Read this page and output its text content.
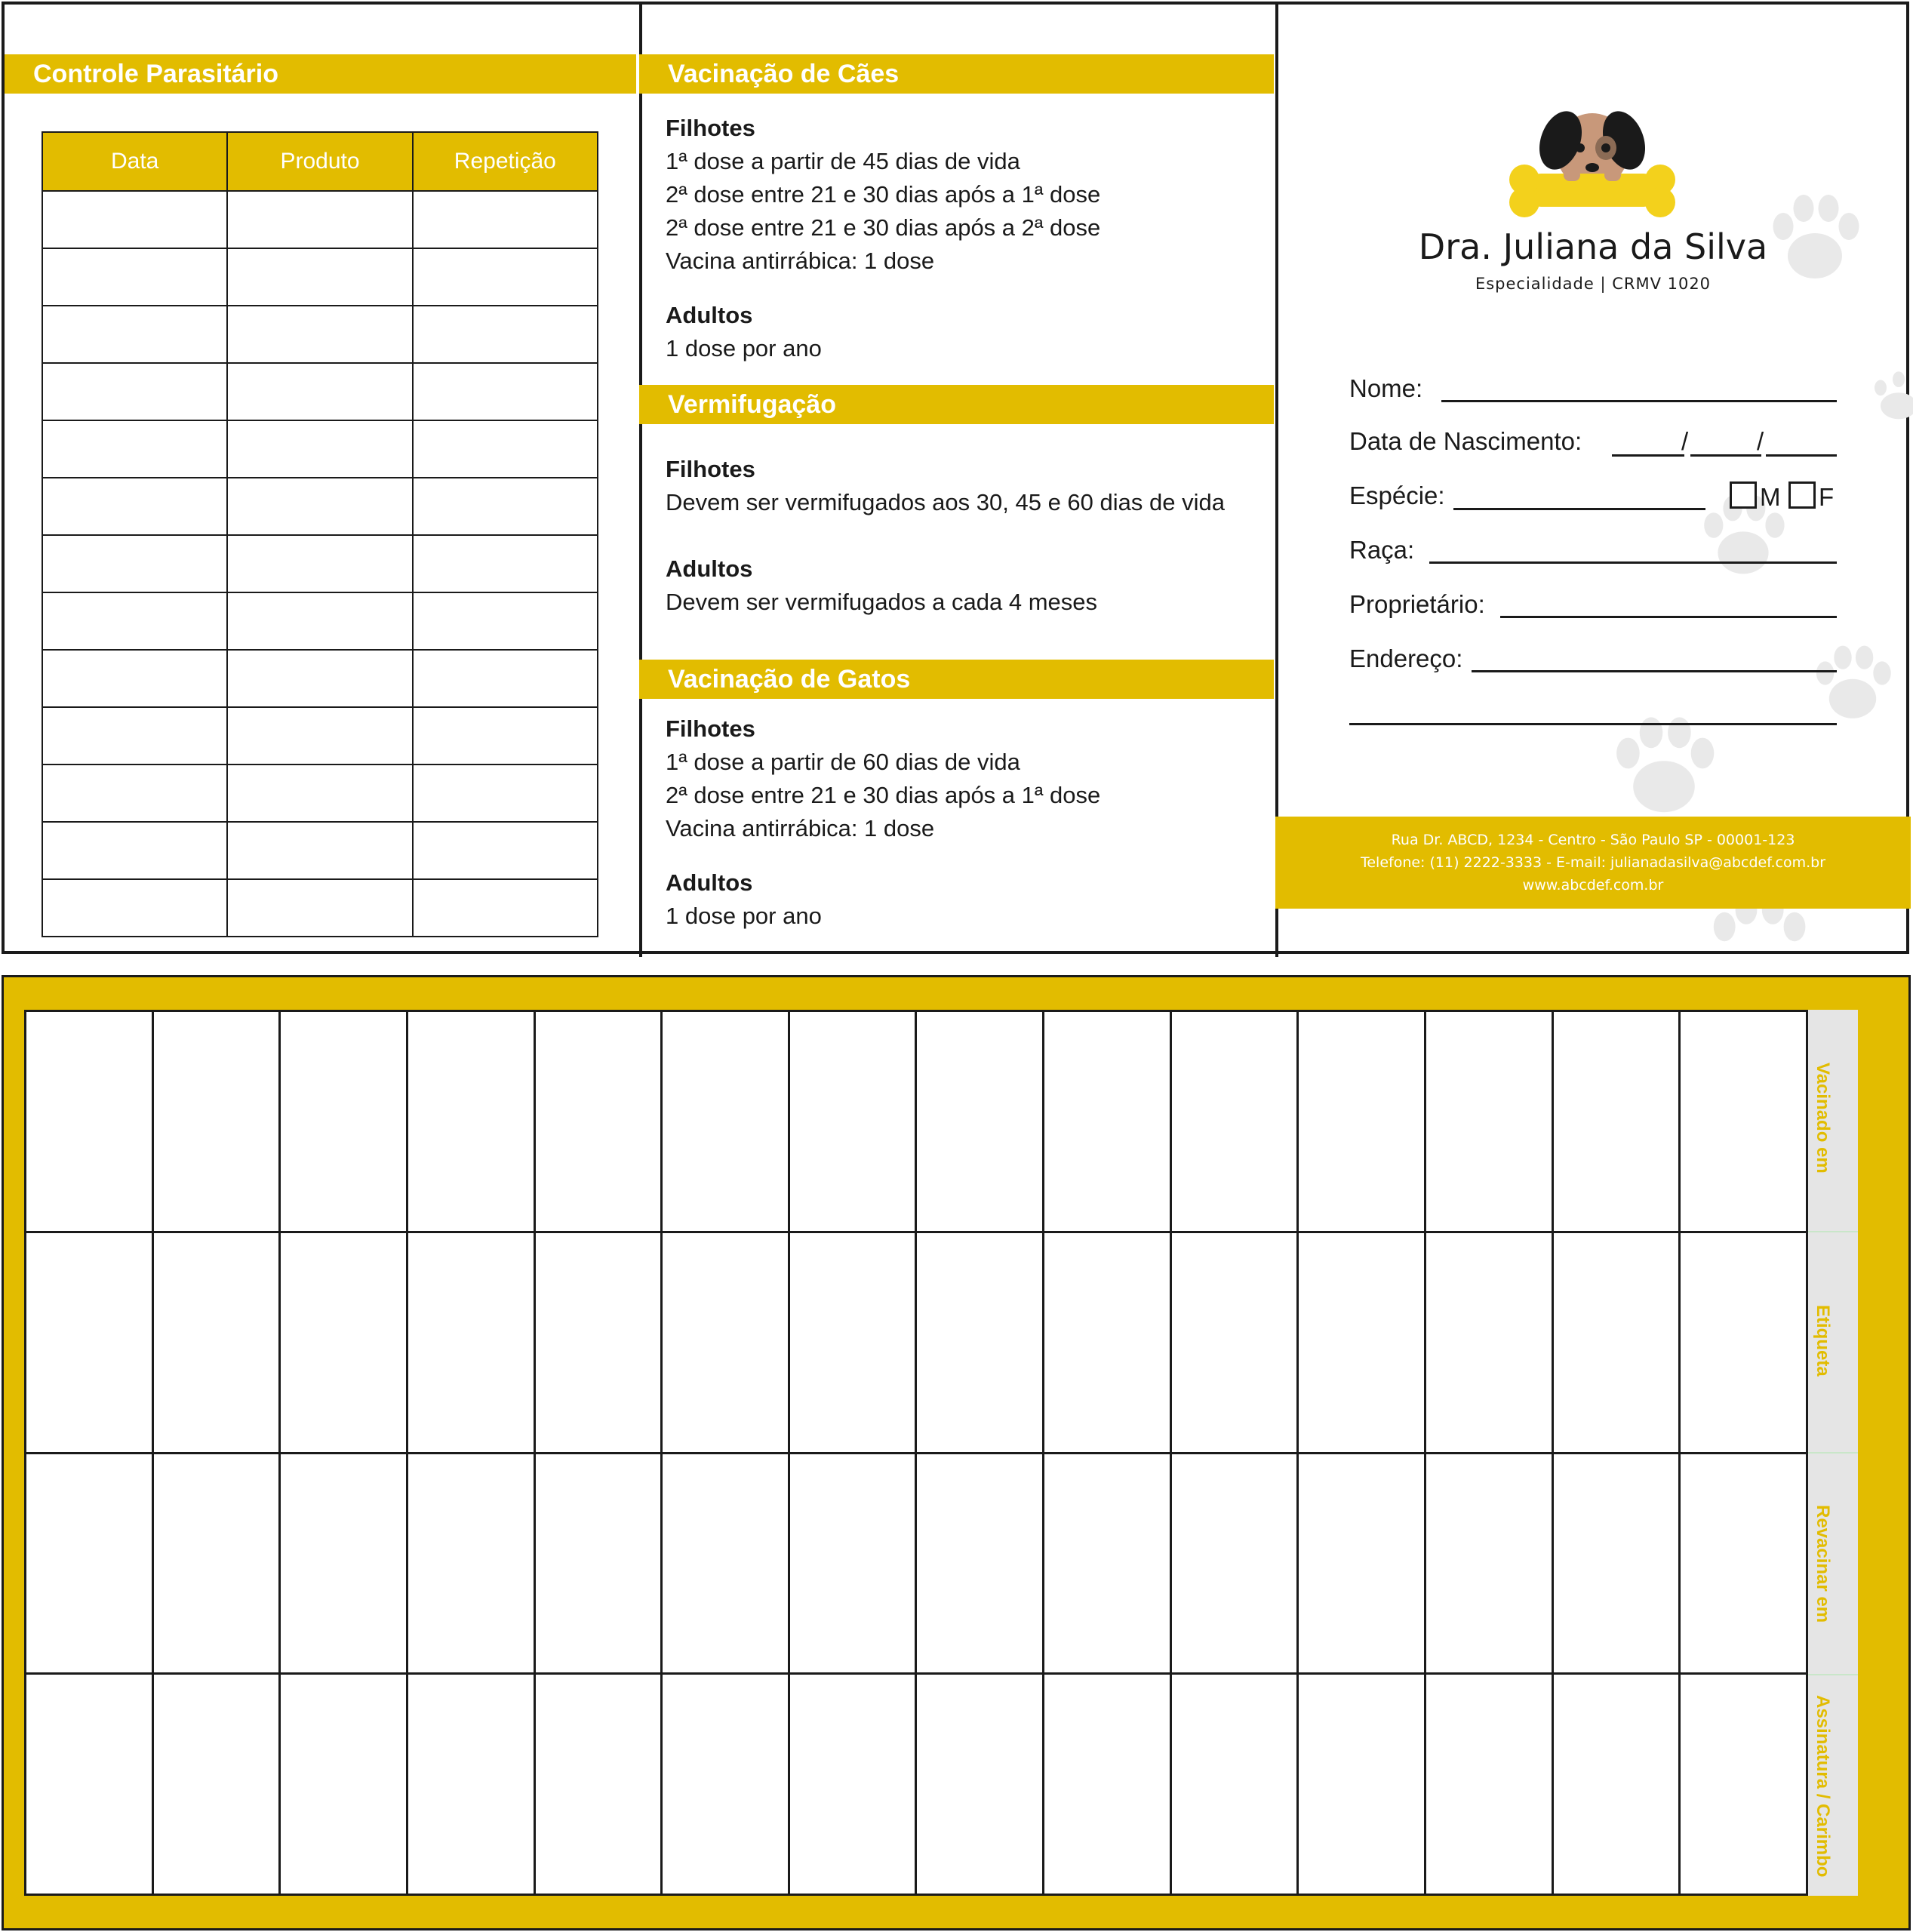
Controle Parasitário
Data	Produto	Repetição

Vacinação de Cães
Filhotes
1ª dose a partir de 45 dias de vida
2ª dose entre 21 e 30 dias após a 1ª dose
2ª dose entre 21 e 30 dias após a 2ª dose
Vacina antirrábica: 1 dose
Adultos
1 dose por ano
Vermifugação
Filhotes
Devem ser vermifugados aos 30, 45 e 60 dias de vida
Adultos
Devem ser vermifugados a cada 4 meses
Vacinação de Gatos
Filhotes
1ª dose a partir de 60 dias de vida
2ª dose entre 21 e 30 dias após a 1ª dose
Vacina antirrábica: 1 dose
Adultos
1 dose por ano
Dra. Juliana da Silva
Especialidade | CRMV 1020
Nome:
Data de Nascimento:	/	/
Espécie:	M F
Raça:
Proprietário:
Endereço:
Rua Dr. ABCD, 1234 - Centro - São Paulo SP - 00001-123
Telefone: (11) 2222-3333 - E-mail: julianadasilva@abcdef.com.br
www.abcdef.com.br

Vacinado em
Etiqueta
Revacinar em
Assinatura / Carimbo
